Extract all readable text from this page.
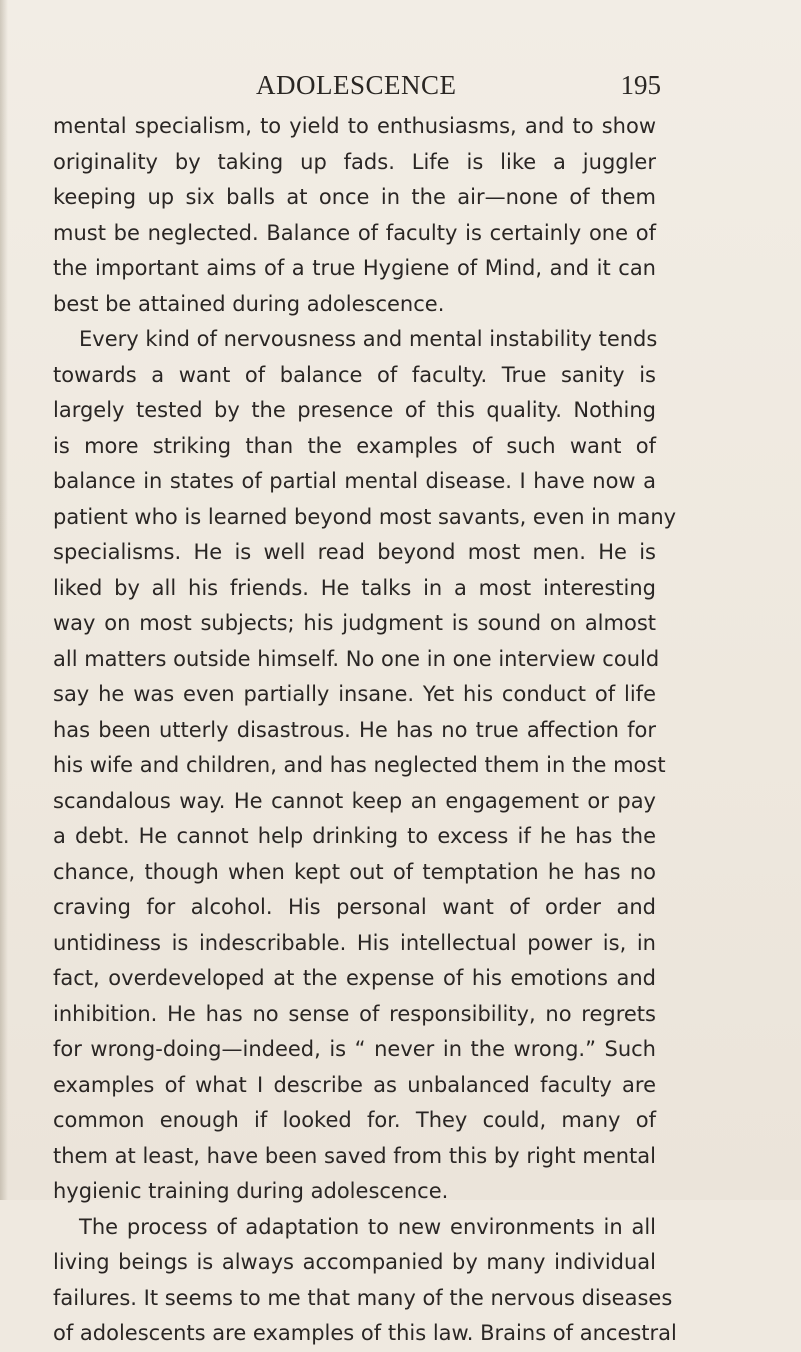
ADOLESCENCE	195
mental specialism, to yield to enthusiasms, and to show
originality by taking up fads. Life is like a juggler
keeping up six balls at once in the air—none of them
must be neglected. Balance of faculty is certainly one of
the important aims of a true Hygiene of Mind, and it can
best be attained during adolescence.
Every kind of nervousness and mental instability tends
towards a want of balance of faculty. True sanity is
largely tested by the presence of this quality. Nothing
is more striking than the examples of such want of
balance in states of partial mental disease. I have now a
patient who is learned beyond most savants, even in many
specialisms. He is well read beyond most men. He is
liked by all his friends. He talks in a most interesting
way on most subjects; his judgment is sound on almost
all matters outside himself. No one in one interview could
say he was even partially insane. Yet his conduct of life
has been utterly disastrous. He has no true affection for
his wife and children, and has neglected them in the most
scandalous way. He cannot keep an engagement or pay
a debt. He cannot help drinking to excess if he has the
chance, though when kept out of temptation he has no
craving for alcohol. His personal want of order and
untidiness is indescribable. His intellectual power is, in
fact, overdeveloped at the expense of his emotions and
inhibition. He has no sense of responsibility, no regrets
for wrong-doing—indeed, is “ never in the wrong.” Such
examples of what I describe as unbalanced faculty are
common enough if looked for. They could, many of
them at least, have been saved from this by right mental
hygienic training during adolescence.
The process of adaptation to new environments in all
living beings is always accompanied by many individual
failures. It seems to me that many of the nervous diseases
of adolescents are examples of this law. Brains of ancestral
